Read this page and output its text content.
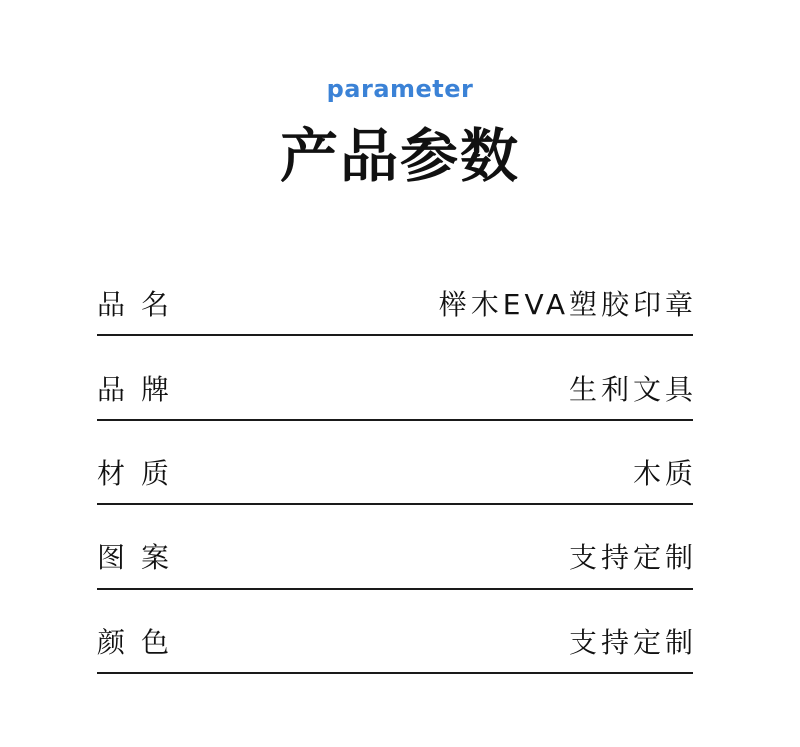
parameter
产品参数
品名	榉木EVA塑胶印章
品牌	生利文具
材质	木质
图案	支持定制
颜色	支持定制
